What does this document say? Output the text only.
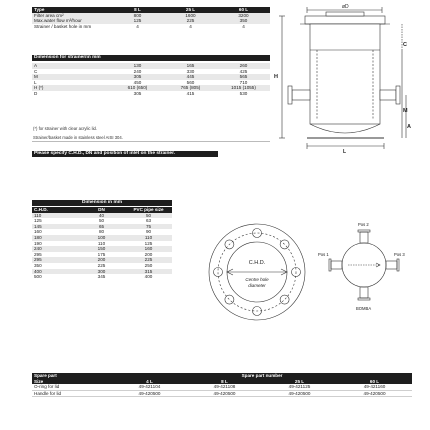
Type	8 L	25 L	60 L
Filter area cm²	800	1600	3200
Max.water flow m³/hour	125	225	350
Strainer / basket hole in mm	4	4	4
Dimension for strainer/in mm
A	130	165	260
C	240	330	425
M	305	445	565
L	450	560	710
H (*)	610 (650)	765 (805)	1015 (1055)
D	305	415	530
(*) for strainer with clear acrylic lid.
Strainer/basket made in stainless steel AISI 304.
Please specify C.H.D., DN and position of inlet on the strainer.
øD
H
C
M
A
L
Dimension in mm
C.H.D.	DN	PVC pipe size
110	40	50
125	50	63
145	65	75
160	80	90
180	100	110
190	110	125
240	150	160
295	175	200
295	200	225
350	225	250
400	300	315
500	345	400
C.H.D.
Centre hole
diameter
Pos 2
Pos 1	Pos 3
BOMBA
Spare part	Spare part number			
Size	4 L	8 L	25 L	60 L
O-ring for lid	49-421104	49-421108	49-421125	49-421160
Handle for lid	49-420500	49-420500	49-420500	49-420500
